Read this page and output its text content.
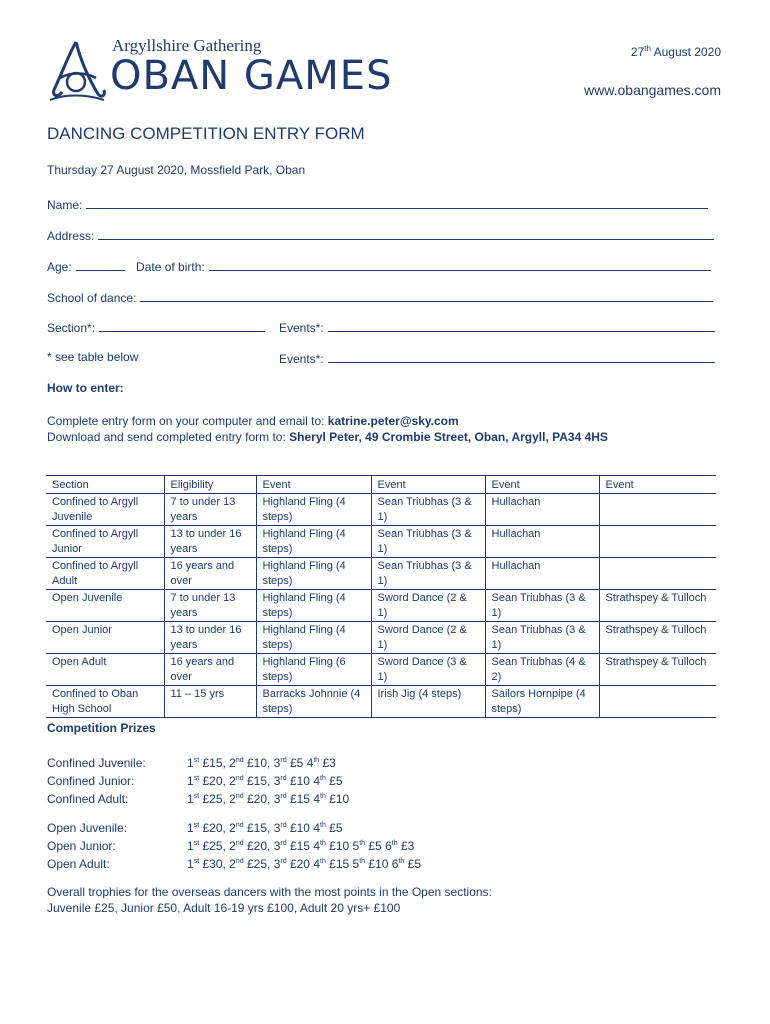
Argyllshire Gathering
OBAN GAMES
27th August 2020
www.obangames.com
DANCING COMPETITION ENTRY FORM
Thursday 27 August 2020, Mossfield Park, Oban
Name:
Address:
Age:	Date of birth:
School of dance:
Section*:	Events*:
* see table below	Events*:
How to enter:
Complete entry form on your computer and email to: katrine.peter@sky.com
Download and send completed entry form to: Sheryl Peter, 49 Crombie Street, Oban, Argyll, PA34 4HS
Section	Eligibility	Event	Event	Event	Event
Confined to Argyll Juvenile	7 to under 13 years	Highland Fling (4 steps)	Sean Triubhas (3 & 1)	Hullachan	
Confined to Argyll Junior	13 to under 16 years	Highland Fling (4 steps)	Sean Triubhas (3 & 1)	Hullachan	
Confined to Argyll Adult	16 years and over	Highland Fling (4 steps)	Sean Triubhas (3 & 1)	Hullachan	
Open Juvenile	7 to under 13 years	Highland Fling (4 steps)	Sword Dance (2 & 1)	Sean Triubhas (3 & 1)	Strathspey & Tulloch
Open Junior	13 to under 16 years	Highland Fling (4 steps)	Sword Dance (2 & 1)	Sean Triubhas (3 & 1)	Strathspey & Tulloch
Open Adult	16 years and over	Highland Fling (6 steps)	Sword Dance (3 & 1)	Sean Triubhas (4 & 2)	Strathspey & Tulloch
Confined to Oban High School	11 – 15 yrs	Barracks Johnnie (4 steps)	Irish Jig (4 steps)	Sailors Hornpipe (4 steps)	
Competition Prizes
Confined Juvenile:	1st £15, 2nd £10, 3rd £5 4th £3
Confined Junior:	1st £20, 2nd £15, 3rd £10 4th £5
Confined Adult:	1st £25, 2nd £20, 3rd £15 4th £10
Open Juvenile:	1st £20, 2nd £15, 3rd £10 4th £5
Open Junior:	1st £25, 2nd £20, 3rd £15 4th £10 5th £5 6th £3
Open Adult:	1st £30, 2nd £25, 3rd £20 4th £15 5th £10 6th £5
Overall trophies for the overseas dancers with the most points in the Open sections:
Juvenile £25, Junior £50, Adult 16-19 yrs £100, Adult 20 yrs+ £100
